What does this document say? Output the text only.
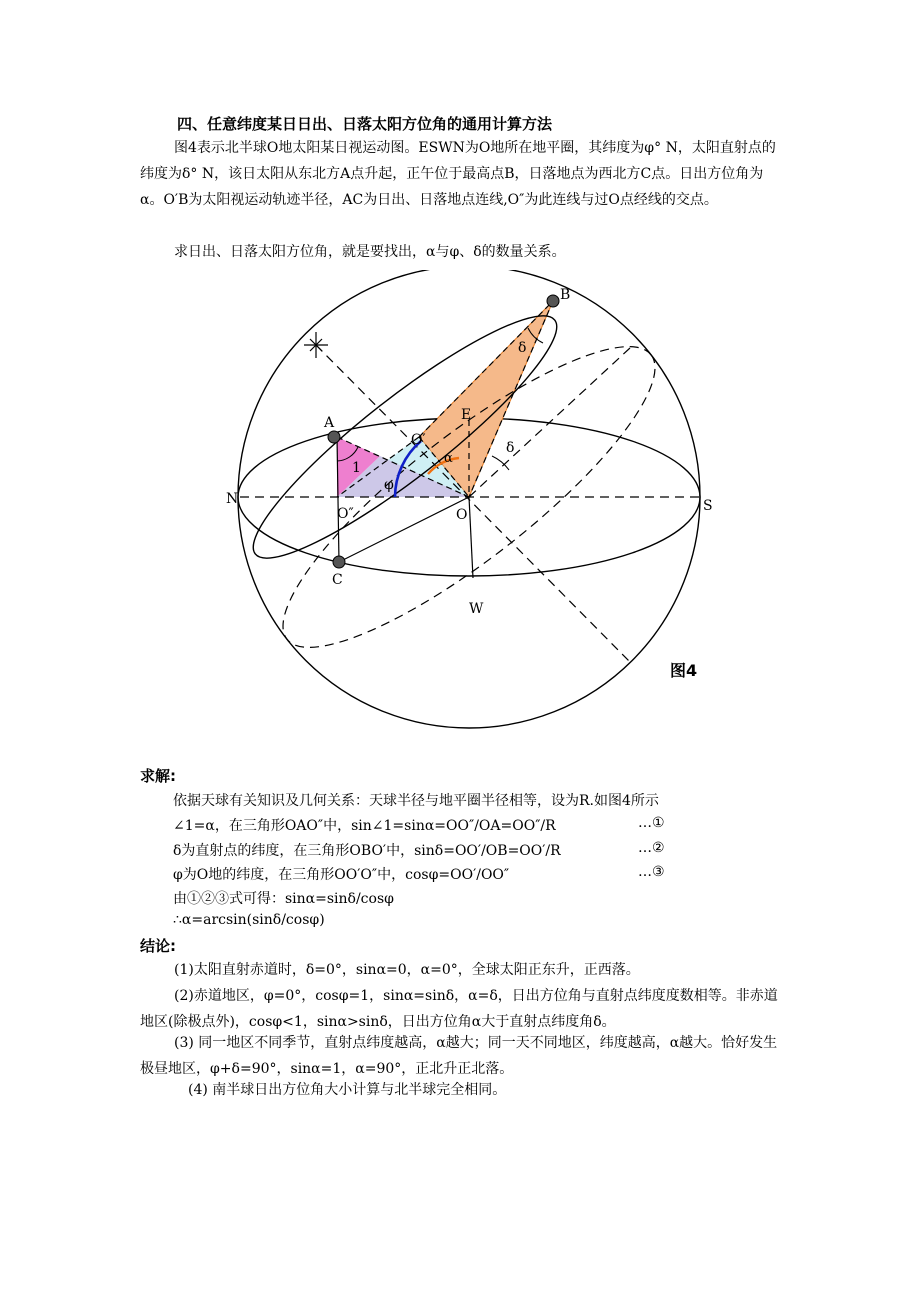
四、任意纬度某日日出、日落太阳方位角的通用计算方法

图4表示北半球O地太阳某日视运动图。ESWN为O地所在地平圈，其纬度为φ° N，太阳直射点的纬度为δ° N，该日太阳从东北方A点升起，正午位于最高点B，日落地点为西北方C点。日出方位角为α。O′B为太阳视运动轨迹半径，AC为日出、日落地点连线,O″为此连线与过O点经线的交点。

求日出、日落太阳方位角，就是要找出，α与φ、δ的数量关系。

B
A	E
N	S
W
C
O
O′
O″
δ
δ
α
φ
1
图4
求解:
依据天球有关知识及几何关系：天球半径与地平圈半径相等，设为R.如图4所示
∠1=α，在三角形OAO″中，sin∠1=sinα=OO″/OA=OO″/R	…①
δ为直射点的纬度，在三角形OBO′中，sinδ=OO′/OB=OO′/R	…②
φ为O地的纬度，在三角形OO′O″中，cosφ=OO′/OO″	…③
由①②③式可得：sinα=sinδ/cosφ
∴α=arcsin(sinδ/cosφ)
结论:

(1)太阳直射赤道时，δ=0°，sinα=0，α=0°，全球太阳正东升，正西落。

(2)赤道地区，φ=0°，cosφ=1，sinα=sinδ，α=δ，日出方位角与直射点纬度度数相等。非赤道地区(除极点外)，cosφ<1，sinα>sinδ，日出方位角α大于直射点纬度角δ。

(3) 同一地区不同季节，直射点纬度越高，α越大；同一天不同地区，纬度越高，α越大。恰好发生极昼地区，φ+δ=90°，sinα=1，α=90°，正北升正北落。

(4) 南半球日出方位角大小计算与北半球完全相同。
